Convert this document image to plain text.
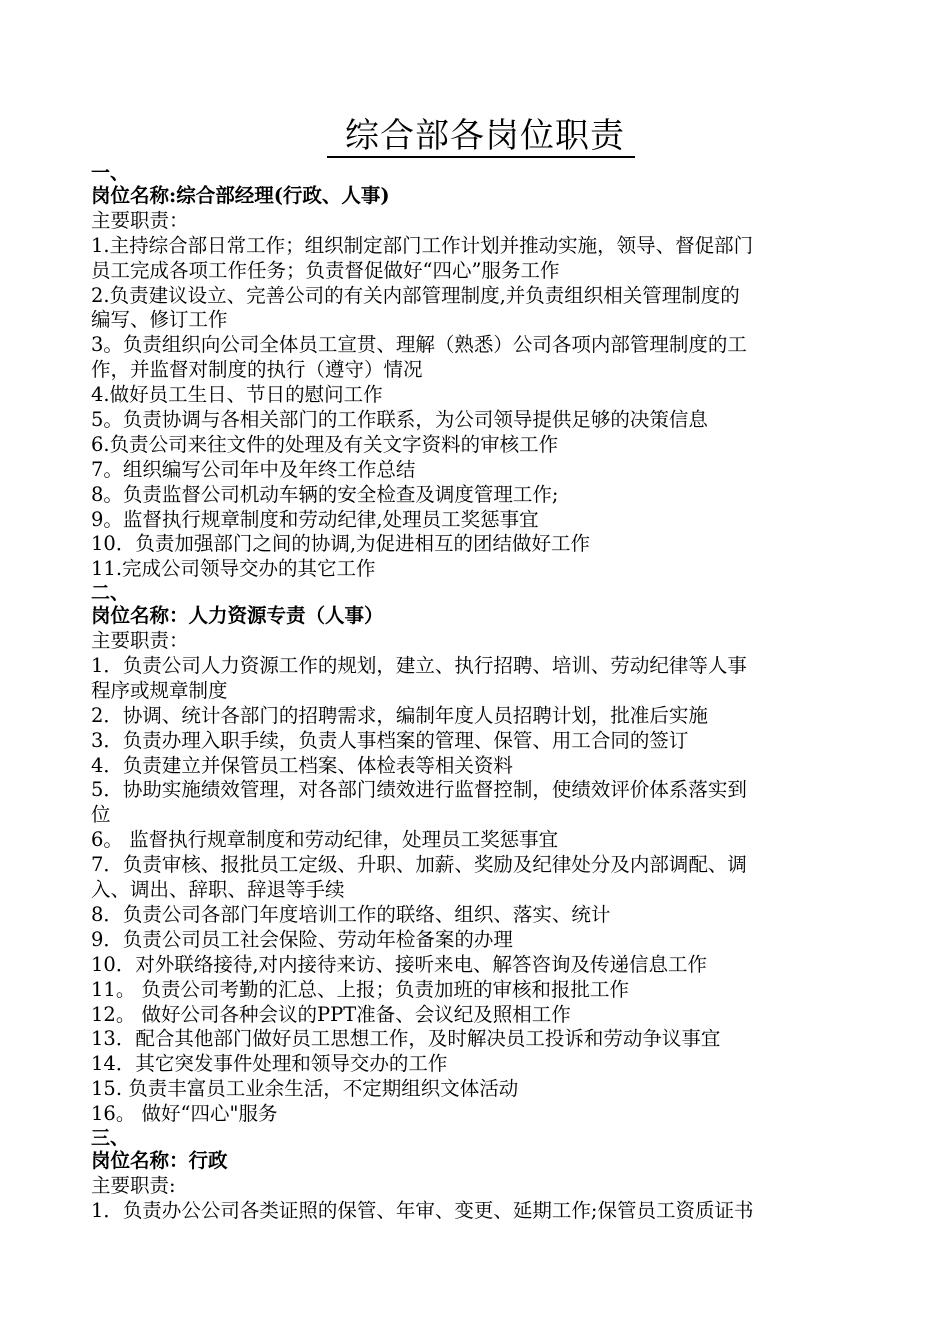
综合部各岗位职责
一、
岗位名称:综合部经理(行政、人事)
主要职责：
1.主持综合部日常工作；组织制定部门工作计划并推动实施，领导、督促部门
员工完成各项工作任务；负责督促做好“四心”服务工作
2.负责建议设立、完善公司的有关内部管理制度,并负责组织相关管理制度的
编写、修订工作
3。负责组织向公司全体员工宣贯、理解（熟悉）公司各项内部管理制度的工
作，并监督对制度的执行（遵守）情况
4.做好员工生日、节日的慰问工作
5。负责协调与各相关部门的工作联系，为公司领导提供足够的决策信息
6.负责公司来往文件的处理及有关文字资料的审核工作
7。组织编写公司年中及年终工作总结
8。负责监督公司机动车辆的安全检查及调度管理工作;
9。监督执行规章制度和劳动纪律,处理员工奖惩事宜
10．负责加强部门之间的协调,为促进相互的团结做好工作
11.完成公司领导交办的其它工作
二、
岗位名称：人力资源专责（人事）
主要职责：
1．负责公司人力资源工作的规划，建立、执行招聘、培训、劳动纪律等人事
程序或规章制度
2．协调、统计各部门的招聘需求，编制年度人员招聘计划，批准后实施
3．负责办理入职手续，负责人事档案的管理、保管、用工合同的签订
4．负责建立并保管员工档案、体检表等相关资料
5．协助实施绩效管理，对各部门绩效进行监督控制，使绩效评价体系落实到
位
6。 监督执行规章制度和劳动纪律，处理员工奖惩事宜
7．负责审核、报批员工定级、升职、加薪、奖励及纪律处分及内部调配、调
入、调出、辞职、辞退等手续
8．负责公司各部门年度培训工作的联络、组织、落实、统计
9．负责公司员工社会保险、劳动年检备案的办理
10．对外联络接待,对内接待来访、接听来电、解答咨询及传递信息工作
11。 负责公司考勤的汇总、上报；负责加班的审核和报批工作
12。 做好公司各种会议的PPT准备、会议纪及照相工作
13．配合其他部门做好员工思想工作，及时解决员工投诉和劳动争议事宜
14．其它突发事件处理和领导交办的工作
15. 负责丰富员工业余生活，不定期组织文体活动
16。 做好“四心"服务
三、
岗位名称：行政
主要职责:
1．负责办公公司各类证照的保管、年审、变更、延期工作;保管员工资质证书
